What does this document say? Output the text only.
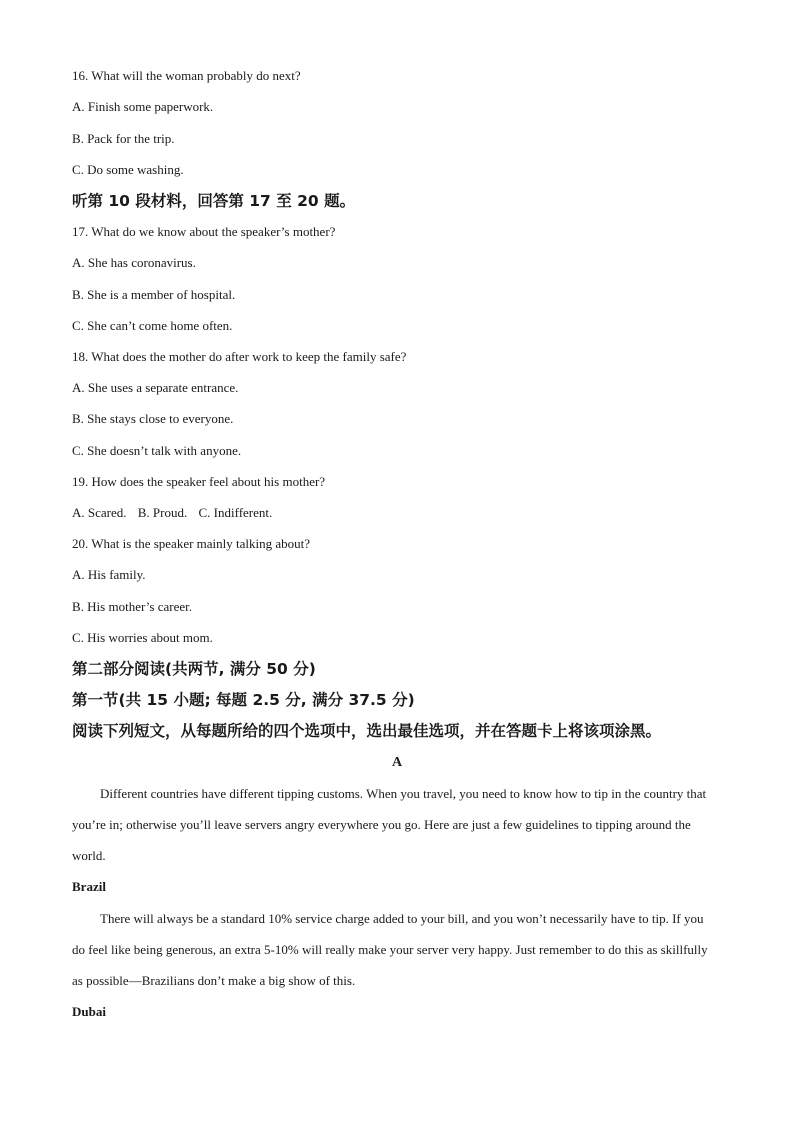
16. What will the woman probably do next?
A. Finish some paperwork.
B. Pack for the trip.
C. Do some washing.
听第 10 段材料，回答第 17 至 20 题。
17. What do we know about the speaker’s mother?
A. She has coronavirus.
B. She is a member of hospital.
C. She can’t come home often.
18. What does the mother do after work to keep the family safe?
A. She uses a separate entrance.
B. She stays close to everyone.
C. She doesn’t talk with anyone.
19. How does the speaker feel about his mother?
A. Scared. B. Proud. C. Indifferent.
20. What is the speaker mainly talking about?
A. His family.
B. His mother’s career.
C. His worries about mom.
第二部分阅读(共两节, 满分 50 分)
第一节(共 15 小题; 每题 2.5 分, 满分 37.5 分)
阅读下列短文，从每题所给的四个选项中，选出最佳选项，并在答题卡上将该项涂黑。
A
Different countries have different tipping customs. When you travel, you need to know how to tip in the country that you’re in; otherwise you’ll leave servers angry everywhere you go. Here are just a few guidelines to tipping around the world.
Brazil
There will always be a standard 10% service charge added to your bill, and you won’t necessarily have to tip. If you do feel like being generous, an extra 5-10% will really make your server very happy. Just remember to do this as skillfully as possible—Brazilians don’t make a big show of this.
Dubai
